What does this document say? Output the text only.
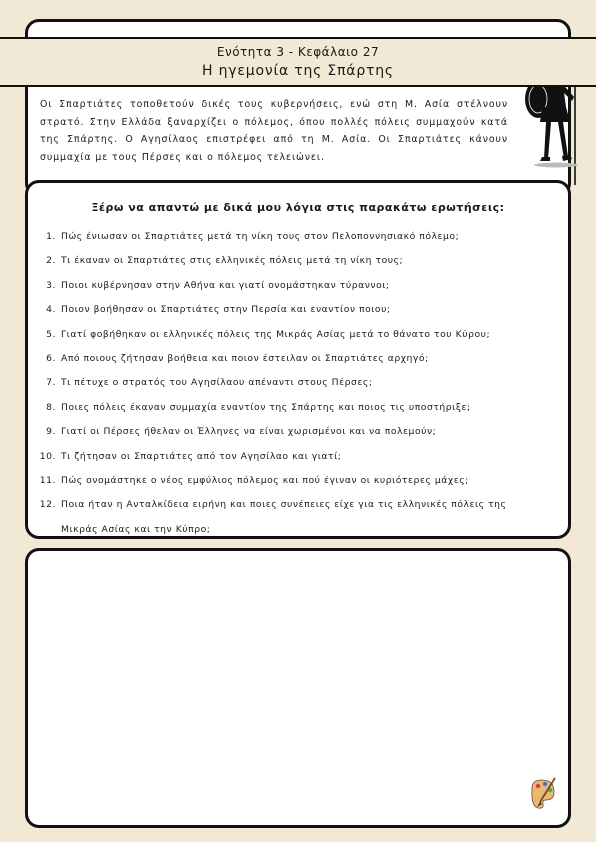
Οι Σπαρτιάτες τοποθετούν δικές τους κυβερνήσεις, ενώ στη Μ. Ασία στέλνουν στρατό. Στην Ελλάδα ξαναρχίζει ο πόλεμος, όπου πολλές πόλεις συμμαχούν κατά της Σπάρτης. Ο Αγησίλαος επιστρέφει από τη Μ. Ασία. Οι Σπαρτιάτες κάνουν συμμαχία με τους Πέρσες και ο πόλεμος τελειώνει.
Ενότητα 3 - Κεφάλαιο 27
Η ηγεμονία της Σπάρτης
Ξέρω να απαντώ με δικά μου λόγια στις παρακάτω ερωτήσεις:
1. Πώς ένιωσαν οι Σπαρτιάτες μετά τη νίκη τους στον Πελοποννησιακό πόλεμο;
2. Τι έκαναν οι Σπαρτιάτες στις ελληνικές πόλεις μετά τη νίκη τους;
3. Ποιοι κυβέρνησαν στην Αθήνα και γιατί ονομάστηκαν τύραννοι;
4. Ποιον βοήθησαν οι Σπαρτιάτες στην Περσία και εναντίον ποιου;
5. Γιατί φοβήθηκαν οι ελληνικές πόλεις της Μικράς Ασίας μετά το θάνατο του Κύρου;
6. Από ποιους ζήτησαν βοήθεια και ποιον έστειλαν οι Σπαρτιάτες αρχηγό;
7. Τι πέτυχε ο στρατός του Αγησίλαου απέναντι στους Πέρσες;
8. Ποιες πόλεις έκαναν συμμαχία εναντίον της Σπάρτης και ποιος τις υποστήριξε;
9. Γιατί οι Πέρσες ήθελαν οι Έλληνες να είναι χωρισμένοι και να πολεμούν;
10. Τι ζήτησαν οι Σπαρτιάτες από τον Αγησίλαο και γιατί;
11. Πώς ονομάστηκε ο νέος εμφύλιος πόλεμος και πού έγιναν οι κυριότερες μάχες;
12. Ποια ήταν η Ανταλκίδεια ειρήνη και ποιες συνέπειες είχε για τις ελληνικές πόλεις της Μικράς Ασίας και την Κύπρο;
